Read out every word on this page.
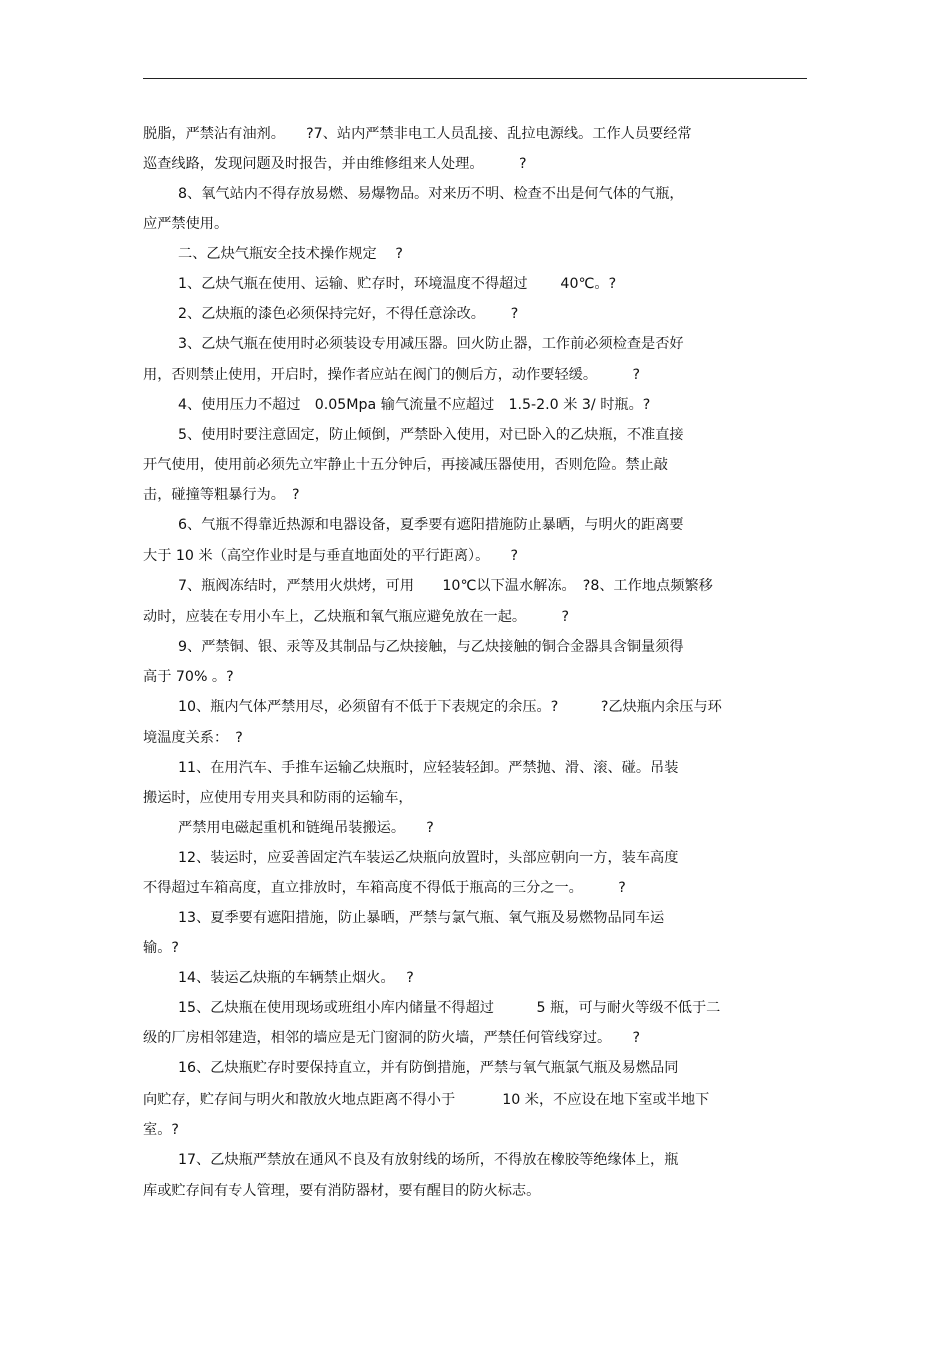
脱脂，严禁沾有油剂。　　?7、站内严禁非电工人员乱接、乱拉电源线。工作人员要经常
巡查线路，发现问题及时报告，并由维修组来人处理。　　　?
8、氧气站内不得存放易燃、易爆物品。对来历不明、检查不出是何气体的气瓶，
应严禁使用。
二、乙炔气瓶安全技术操作规定　 ?
1、乙炔气瓶在使用、运输、贮存时，环境温度不得超过　　 40℃。?
2、乙炔瓶的漆色必须保持完好，不得任意涂改。　　 ?
3、乙炔气瓶在使用时必须装设专用减压器。回火防止器，工作前必须检查是否好
用，否则禁止使用，开启时，操作者应站在阀门的侧后方，动作要轻缓。　　　?
4、使用压力不超过　0.05Mpa 输气流量不应超过　1.5-2.0 米 3/ 时瓶。?
5、使用时要注意固定，防止倾倒，严禁卧入使用，对已卧入的乙炔瓶，不准直接
开气使用，使用前必须先立牢静止十五分钟后，再接减压器使用，否则危险。禁止敲
击，碰撞等粗暴行为。　?
6、气瓶不得靠近热源和电器设备，夏季要有遮阳措施防止暴晒，与明火的距离要
大于 10 米（高空作业时是与垂直地面处的平行距离）。　　?
7、瓶阀冻结时，严禁用火烘烤，可用　　10℃以下温水解冻。　?8、工作地点频繁移
动时，应装在专用小车上，乙炔瓶和氧气瓶应避免放在一起。　　　?
9、严禁铜、银、汞等及其制品与乙炔接触，与乙炔接触的铜合金器具含铜量须得
高于 70% 。?
10、瓶内气体严禁用尽，必须留有不低于下表规定的余压。?　　　?乙炔瓶内余压与环
境温度关系：　?
11、在用汽车、手推车运输乙炔瓶时，应轻装轻卸。严禁抛、滑、滚、碰。吊装
搬运时，应使用专用夹具和防雨的运输车，
严禁用电磁起重机和链绳吊装搬运。　　?
12、装运时，应妥善固定汽车装运乙炔瓶向放置时，头部应朝向一方，装车高度
不得超过车箱高度，直立排放时，车箱高度不得低于瓶高的三分之一。　　　?
13、夏季要有遮阳措施，防止暴晒，严禁与氯气瓶、氧气瓶及易燃物品同车运
输。?
14、装运乙炔瓶的车辆禁止烟火。　 ?
15、乙炔瓶在使用现场或班组小库内储量不得超过　　　5 瓶，可与耐火等级不低于二
级的厂房相邻建造，相邻的墙应是无门窗洞的防火墙，严禁任何管线穿过。　　?
16、乙炔瓶贮存时要保持直立，并有防倒措施，严禁与氧气瓶氯气瓶及易燃品同
向贮存，贮存间与明火和散放火地点距离不得小于　　　 10 米，不应设在地下室或半地下
室。?
17、乙炔瓶严禁放在通风不良及有放射线的场所，不得放在橡胶等绝缘体上，瓶
库或贮存间有专人管理，要有消防器材，要有醒目的防火标志。
